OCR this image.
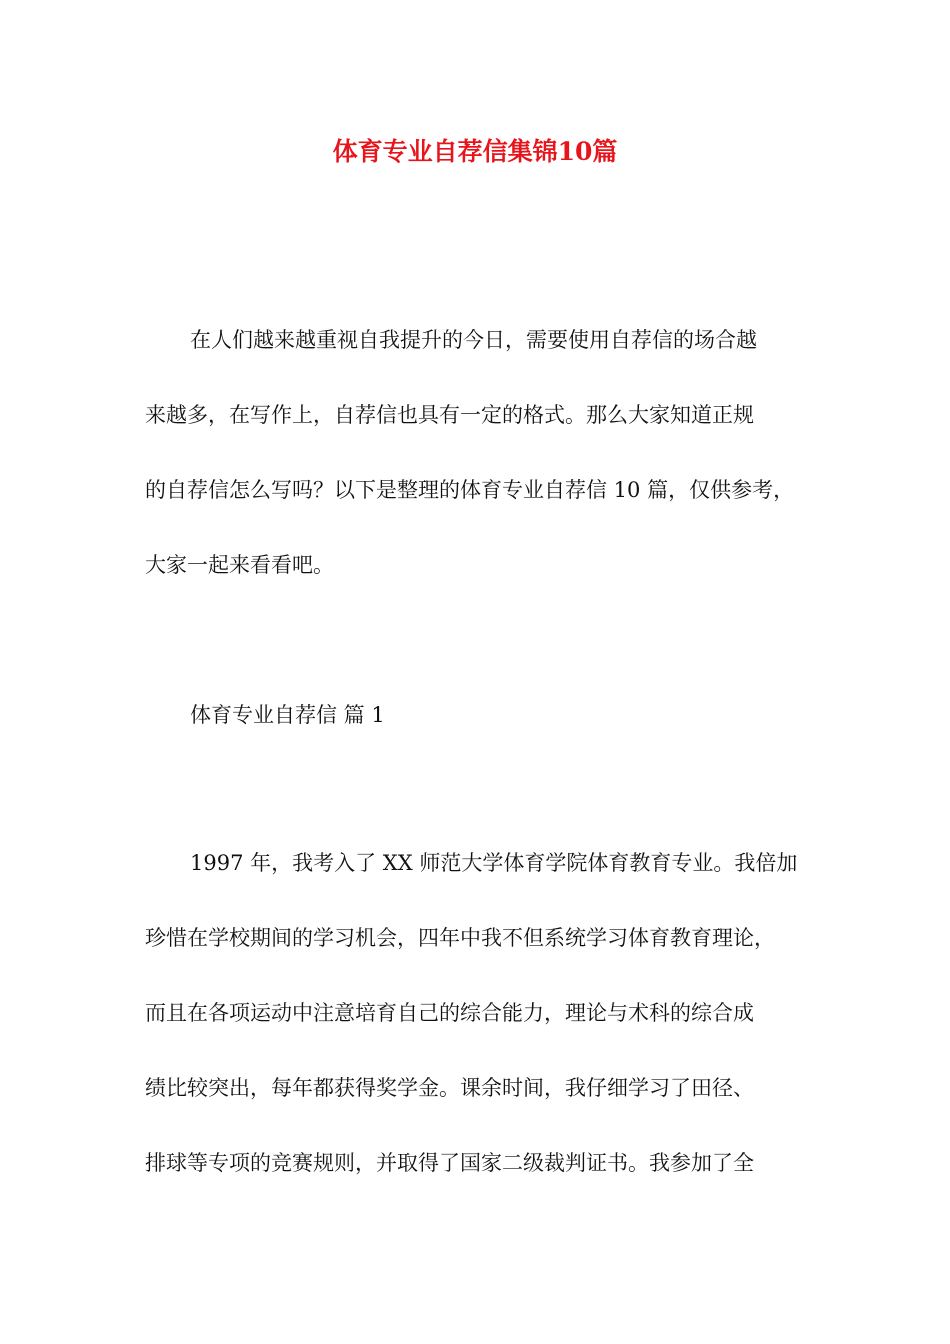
体育专业自荐信集锦10篇

在人们越来越重视自我提升的今日，需要使用自荐信的场合越

来越多，在写作上，自荐信也具有一定的格式。那么大家知道正规

的自荐信怎么写吗？以下是整理的体育专业自荐信 10 篇，仅供参考，

大家一起来看看吧。

体育专业自荐信 篇 1

1997 年，我考入了 XX 师范大学体育学院体育教育专业。我倍加

珍惜在学校期间的学习机会，四年中我不但系统学习体育教育理论，

而且在各项运动中注意培育自己的综合能力，理论与术科的综合成

绩比较突出，每年都获得奖学金。课余时间，我仔细学习了田径、

排球等专项的竞赛规则，并取得了国家二级裁判证书。我参加了全
